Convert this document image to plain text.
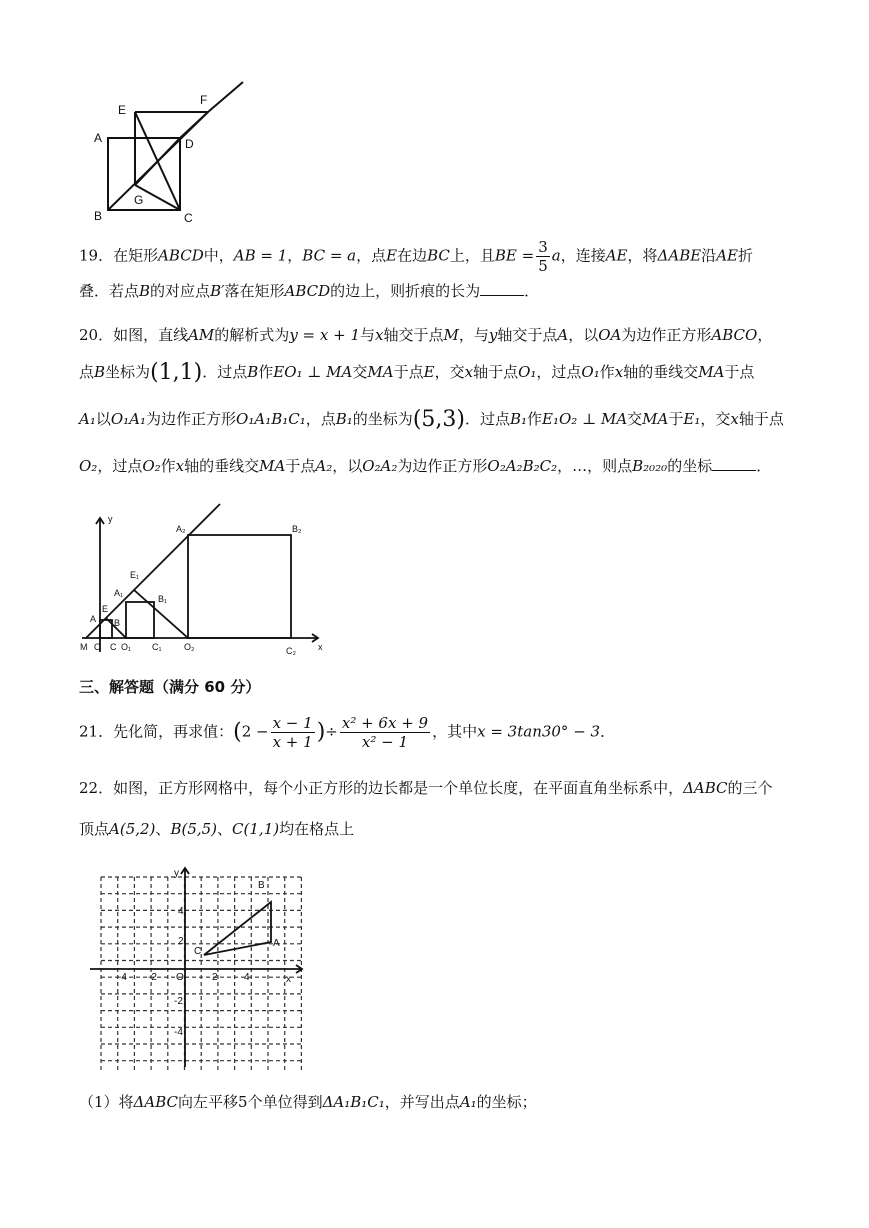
A
B	C
D
E
F
G
19．在矩形ABCD中，AB = 1，BC = a，点E在边BC上，且BE = $\frac{3}{5}$ a，连接AE，将ΔABE沿AE折
叠．若点B的对应点B′落在矩形ABCD的边上，则折痕的长为	．
20．如图，直线AM的解析式为y = x + 1与x轴交于点M，与y轴交于点A，以OA为边作正方形ABCO，
点B坐标为(1,1)．过点B作EO₁ ⊥ MA交MA于点E，交x轴于点O₁，过点O₁作x轴的垂线交MA于点
A₁以O₁A₁为边作正方形O₁A₁B₁C₁，点B₁的坐标为(5,3)．过点B₁作E₁O₂ ⊥ MA交MA于E₁，交x轴于点
O₂，过点O₂作x轴的垂线交MA于点A₂，以O₂A₂为边作正方形O₂A₂B₂C₂，…，则点B₂₀₂₀的坐标	．
y
x
M O C O₁ C₁ O₂	C₂
A
E
B
A₁
E₁
B₁
A₂	B₂
三、解答题（满分 60 分）
21．先化简，再求值：($2 - \frac{x - 1}{x + 1}$ )÷ $\frac{\text{x² + 6x + 9}}{\text{x² − 1}}$ ，其中x = 3tan30° − 3．
22．如图，正方形网格中，每个小正方形的边长都是一个单位长度，在平面直角坐标系中，ΔABC的三个
顶点A(5,2)、B(5,5)、C(1,1)均在格点上
y
x
O
A
B
C
4
2
-2
-4
4
2
-2
-4
（1）将ΔABC向左平移5个单位得到ΔA₁B₁C₁，并写出点A₁的坐标；
